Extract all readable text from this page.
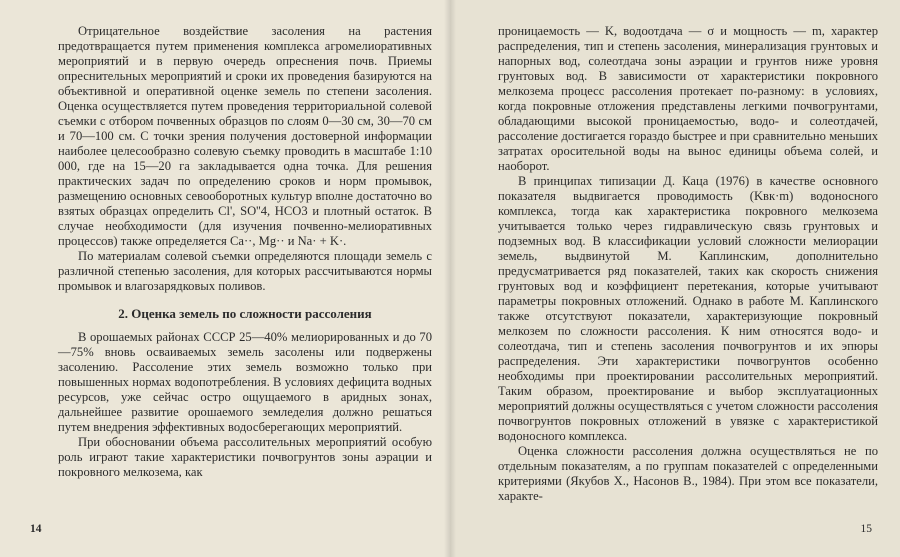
Отрицательное воздействие засоления на растения предотвращается путем применения комплекса агромелиоративных мероприятий и в первую очередь опреснения почв. Приемы опреснительных мероприятий и сроки их проведения базируются на объективной и оперативной оценке земель по степени засоления. Оценка осуществляется путем проведения территориальной солевой съемки с отбором почвенных образцов по слоям 0—30 см, 30—70 см и 70—100 см. С точки зрения получения достоверной информации наиболее целесообразно солевую съемку проводить в масштабе 1:10 000, где на 15—20 га закладывается одна точка. Для решения практических задач по определению сроков и норм промывок, размещению основных севооборотных культур вполне достаточно во взятых образцах определить Cl', SO''4, HCO3 и плотный остаток. В случае необходимости (для изучения почвенно-мелиоративных процессов) также определяется Ca··, Mg·· и Na· + K·.

По материалам солевой съемки определяются площади земель с различной степенью засоления, для которых рассчитываются нормы промывок и влагозарядковых поливов.

2. Оценка земель по сложности рассоления

В орошаемых районах СССР 25—40% мелиорированных и до 70—75% вновь осваиваемых земель засолены или подвержены засолению. Рассоление этих земель возможно только при повышенных нормах водопотребления. В условиях дефицита водных ресурсов, уже сейчас остро ощущаемого в аридных зонах, дальнейшее развитие орошаемого земледелия должно решаться путем внедрения эффективных водосберегающих мероприятий.

При обосновании объема рассолительных мероприятий особую роль играют такие характеристики почвогрунтов зоны аэрации и покровного мелкозема, как

14

проницаемость — K, водоотдача — σ и мощность — m, характер распределения, тип и степень засоления, минерализация грунтовых и напорных вод, солеотдача зоны аэрации и грунтов ниже уровня грунтовых вод. В зависимости от характеристики покровного мелкозема процесс рассоления протекает по-разному: в условиях, когда покровные отложения представлены легкими почвогрунтами, обладающими высокой проницаемостью, водо- и солеотдачей, рассоление достигается гораздо быстрее и при сравнительно меньших затратах оросительной воды на вынос единицы объема солей, и наоборот.

В принципах типизации Д. Каца (1976) в качестве основного показателя выдвигается проводимость (Kвк·m) водоносного комплекса, тогда как характеристика покровного мелкозема учитывается только через гидравлическую связь грунтовых и подземных вод. В классификации условий сложности мелиорации земель, выдвинутой М. Каплинским, дополнительно предусматривается ряд показателей, таких как скорость снижения грунтовых вод и коэффициент перетекания, которые учитывают параметры покровных отложений. Однако в работе М. Каплинского также отсутствуют показатели, характеризующие покровный мелкозем по сложности рассоления. К ним относятся водо- и солеотдача, тип и степень засоления почвогрунтов и их эпюры распределения. Эти характеристики почвогрунтов особенно необходимы при проектировании рассолительных мероприятий. Таким образом, проектирование и выбор эксплуатационных мероприятий должны осуществляться с учетом сложности рассоления почвогрунтов покровных отложений в увязке с характеристикой водоносного комплекса.

Оценка сложности рассоления должна осуществляться не по отдельным показателям, а по группам показателей с определенными критериями (Якубов Х., Насонов В., 1984). При этом все показатели, характе-

15
